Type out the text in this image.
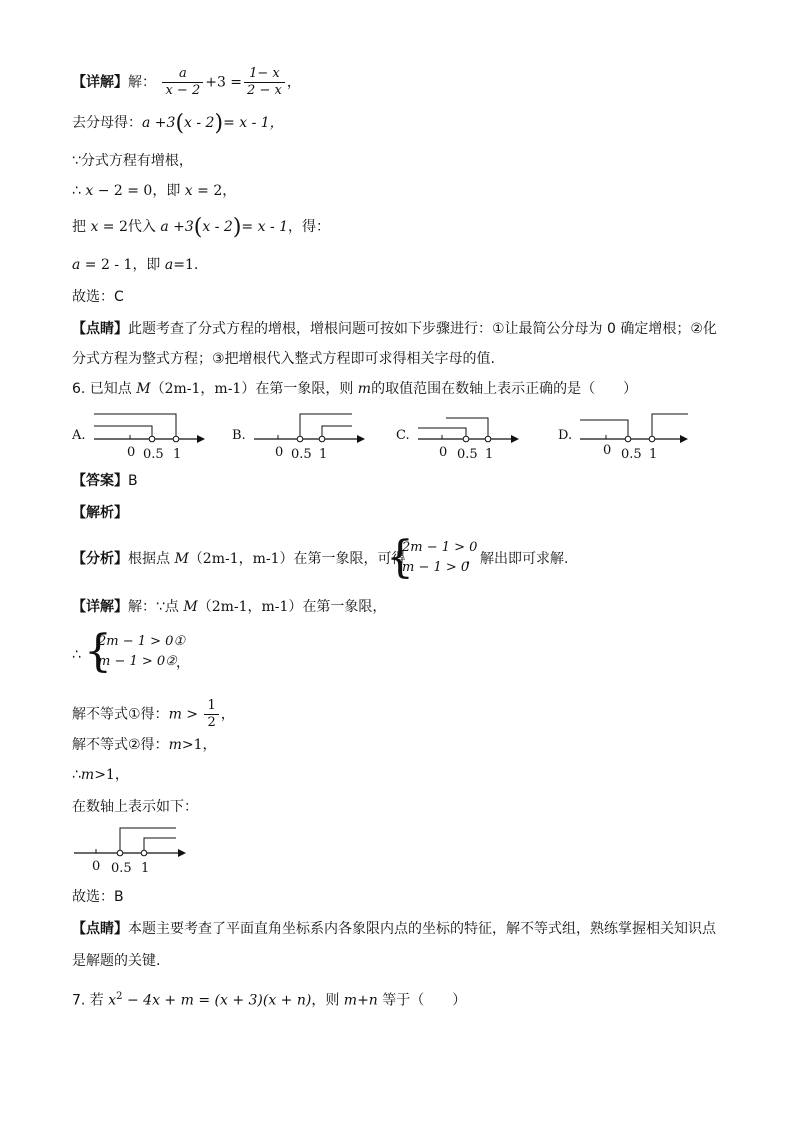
【详解】解： $\frac{a}{x - 2} +3 = \frac{1- x}{2 - x}$ ，
去分母得：a +3(x - 2)= x - 1，
∵分式方程有增根，
∴ x − 2 = 0，即 x = 2，
把 x = 2代入 a +3(x - 2)= x - 1，得：
a = 2 - 1，即 a=1.
故选：C
【点睛】此题考查了分式方程的增根，增根问题可按如下步骤进行：①让最简公分母为 0 确定增根；②化
分式方程为整式方程；③把增根代入整式方程即可求得相关字母的值.
6. 已知点 M（2m-1，m-1）在第一象限，则 m的取值范围在数轴上表示正确的是（　　）
A.
0 0.5 1
B.
0 0.5 1
C.
0 0.5 1
D.
0 0.5 1
【答案】B
【解析】
【分析】根据点 M（2m-1，m-1）在第一象限，可得
{
2m − 1 > 0
m − 1 > 0
，解出即可求解.
【详解】解：∵点 M（2m-1，m-1）在第一象限，
∴ {
2m − 1 > 0①
m − 1 > 0② ，
解不等式①得：$m > \frac{1}{2}$ ，
解不等式②得：m>1，
∴m>1，
在数轴上表示如下：
0 0.5 1
故选：B
【点睛】本题主要考查了平面直角坐标系内各象限内点的坐标的特征，解不等式组，熟练掌握相关知识点
是解题的关键.
7. 若 $x^2 - 4x + m = (x + 3)(x + n)$，则 m+n 等于（　　）
